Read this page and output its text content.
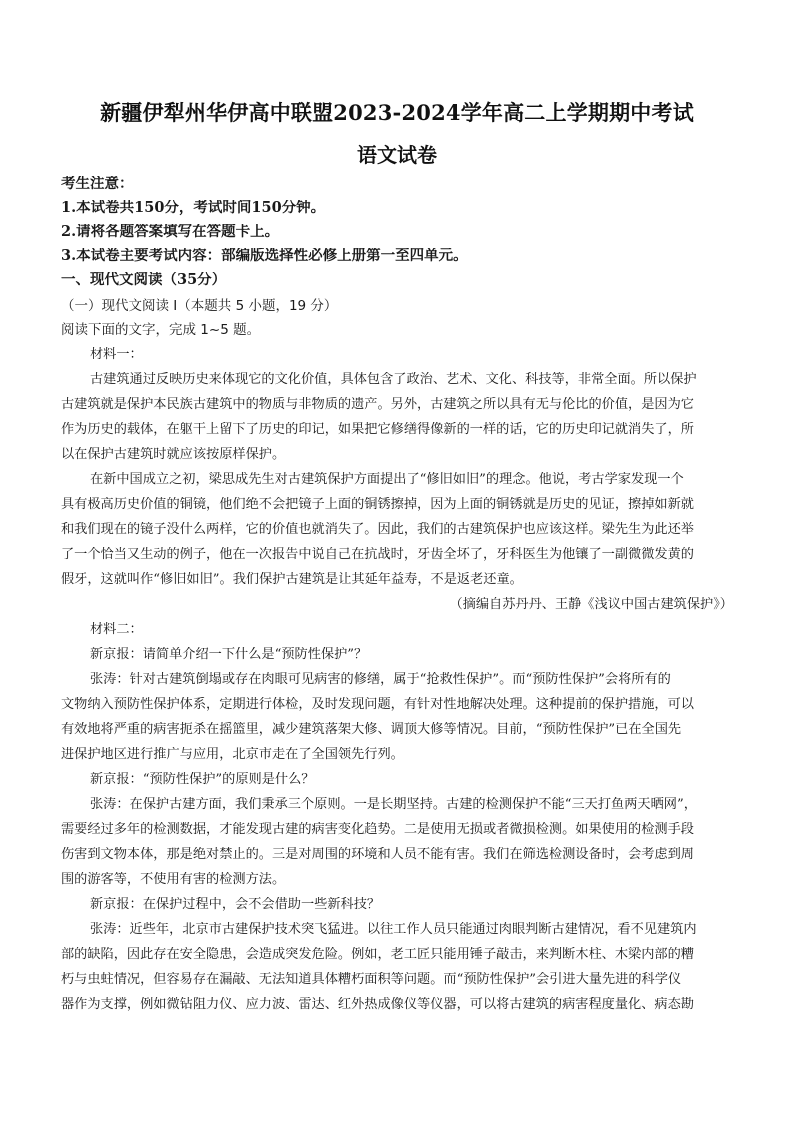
新疆伊犁州华伊高中联盟2023-2024学年高二上学期期中考试
语文试卷
考生注意：
1.本试卷共150分，考试时间150分钟。
2.请将各题答案填写在答题卡上。
3.本试卷主要考试内容：部编版选择性必修上册第一至四单元。
一、现代文阅读（35分）
（一）现代文阅读 I（本题共 5 小题，19 分）
阅读下面的文字，完成 1~5 题。
材料一：
古建筑通过反映历史来体现它的文化价值，具体包含了政治、艺术、文化、科技等，非常全面。所以保护
古建筑就是保护本民族古建筑中的物质与非物质的遗产。另外，古建筑之所以具有无与伦比的价值，是因为它
作为历史的载体，在躯干上留下了历史的印记，如果把它修缮得像新的一样的话，它的历史印记就消失了，所
以在保护古建筑时就应该按原样保护。
在新中国成立之初，梁思成先生对古建筑保护方面提出了“修旧如旧”的理念。他说，考古学家发现一个
具有极高历史价值的铜镜，他们绝不会把镜子上面的铜锈擦掉，因为上面的铜锈就是历史的见证，擦掉如新就
和我们现在的镜子没什么两样，它的价值也就消失了。因此，我们的古建筑保护也应该这样。梁先生为此还举
了一个恰当又生动的例子，他在一次报告中说自己在抗战时，牙齿全坏了，牙科医生为他镶了一副微微发黄的
假牙，这就叫作“修旧如旧”。我们保护古建筑是让其延年益寿，不是返老还童。
（摘编自苏丹丹、王静《浅议中国古建筑保护》）
材料二：
新京报：请简单介绍一下什么是“预防性保护”？
张涛：针对古建筑倒塌或存在肉眼可见病害的修缮，属于“抢救性保护”。而“预防性保护”会将所有的
文物纳入预防性保护体系，定期进行体检，及时发现问题，有针对性地解决处理。这种提前的保护措施，可以
有效地将严重的病害扼杀在摇篮里，减少建筑落架大修、调顶大修等情况。目前，“预防性保护”已在全国先
进保护地区进行推广与应用，北京市走在了全国领先行列。
新京报：“预防性保护”的原则是什么？
张涛：在保护古建方面，我们秉承三个原则。一是长期坚持。古建的检测保护不能“三天打鱼两天晒网”，
需要经过多年的检测数据，才能发现古建的病害变化趋势。二是使用无损或者微损检测。如果使用的检测手段
伤害到文物本体，那是绝对禁止的。三是对周围的环境和人员不能有害。我们在筛选检测设备时，会考虑到周
围的游客等，不使用有害的检测方法。
新京报：在保护过程中，会不会借助一些新科技？
张涛：近些年，北京市古建保护技术突飞猛进。以往工作人员只能通过肉眼判断古建情况，看不见建筑内
部的缺陷，因此存在安全隐患，会造成突发危险。例如，老工匠只能用锤子敲击，来判断木柱、木梁内部的糟
朽与虫蛀情况，但容易存在漏敲、无法知道具体糟朽面积等问题。而“预防性保护”会引进大量先进的科学仪
器作为支撑，例如微钻阻力仪、应力波、雷达、红外热成像仪等仪器，可以将古建筑的病害程度量化、病态勘
